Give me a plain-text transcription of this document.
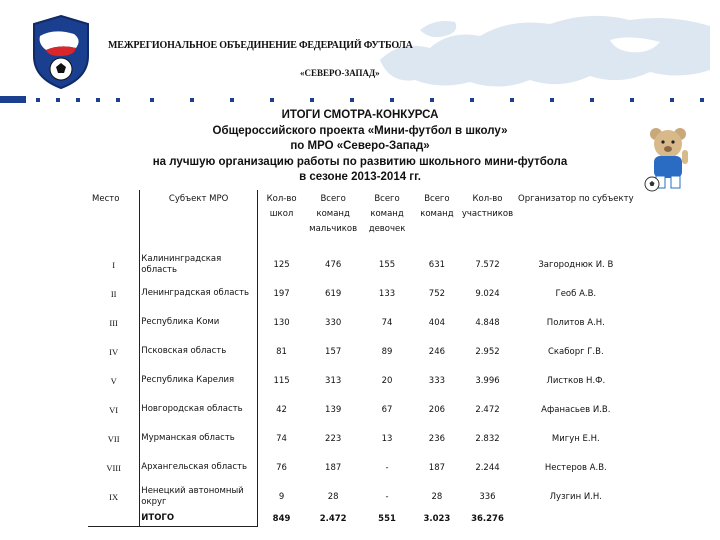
МЕЖРЕГИОНАЛЬНОЕ ОБЪЕДИНЕНИЕ ФЕДЕРАЦИЙ ФУТБОЛА
«СЕВЕРО-ЗАПАД»
ИТОГИ СМОТРА-КОНКУРСА
Общероссийского проекта «Мини-футбол в школу»
по МРО «Северо-Запад»
на лучшую организацию работы по развитию школьного мини-футбола
в сезоне 2013-2014 гг.
Место	Субъект МРО	Кол-во школ	Всего команд мальчиков	Всего команд девочек	Всего команд	Кол-во участников	Организатор по субъекту
I	Калининградская область	125	476	155	631	7.572	Загороднюк И. В
II	Ленинградская область	197	619	133	752	9.024	Геоб А.В.
III	Республика Коми	130	330	74	404	4.848	Политов А.Н.
IV	Псковская область	81	157	89	246	2.952	Скаборг Г.В.
V	Республика Карелия	115	313	20	333	3.996	Листков Н.Ф.
VI	Новгородская область	42	139	67	206	2.472	Афанасьев И.В.
VII	Мурманская область	74	223	13	236	2.832	Мигун Е.Н.
VIII	Архангельская область	76	187	-	187	2.244	Нестеров А.В.
IX	Ненецкий автономный округ	9	28	-	28	336	Лузгин И.Н.
	ИТОГО	849	2.472	551	3.023	36.276	
